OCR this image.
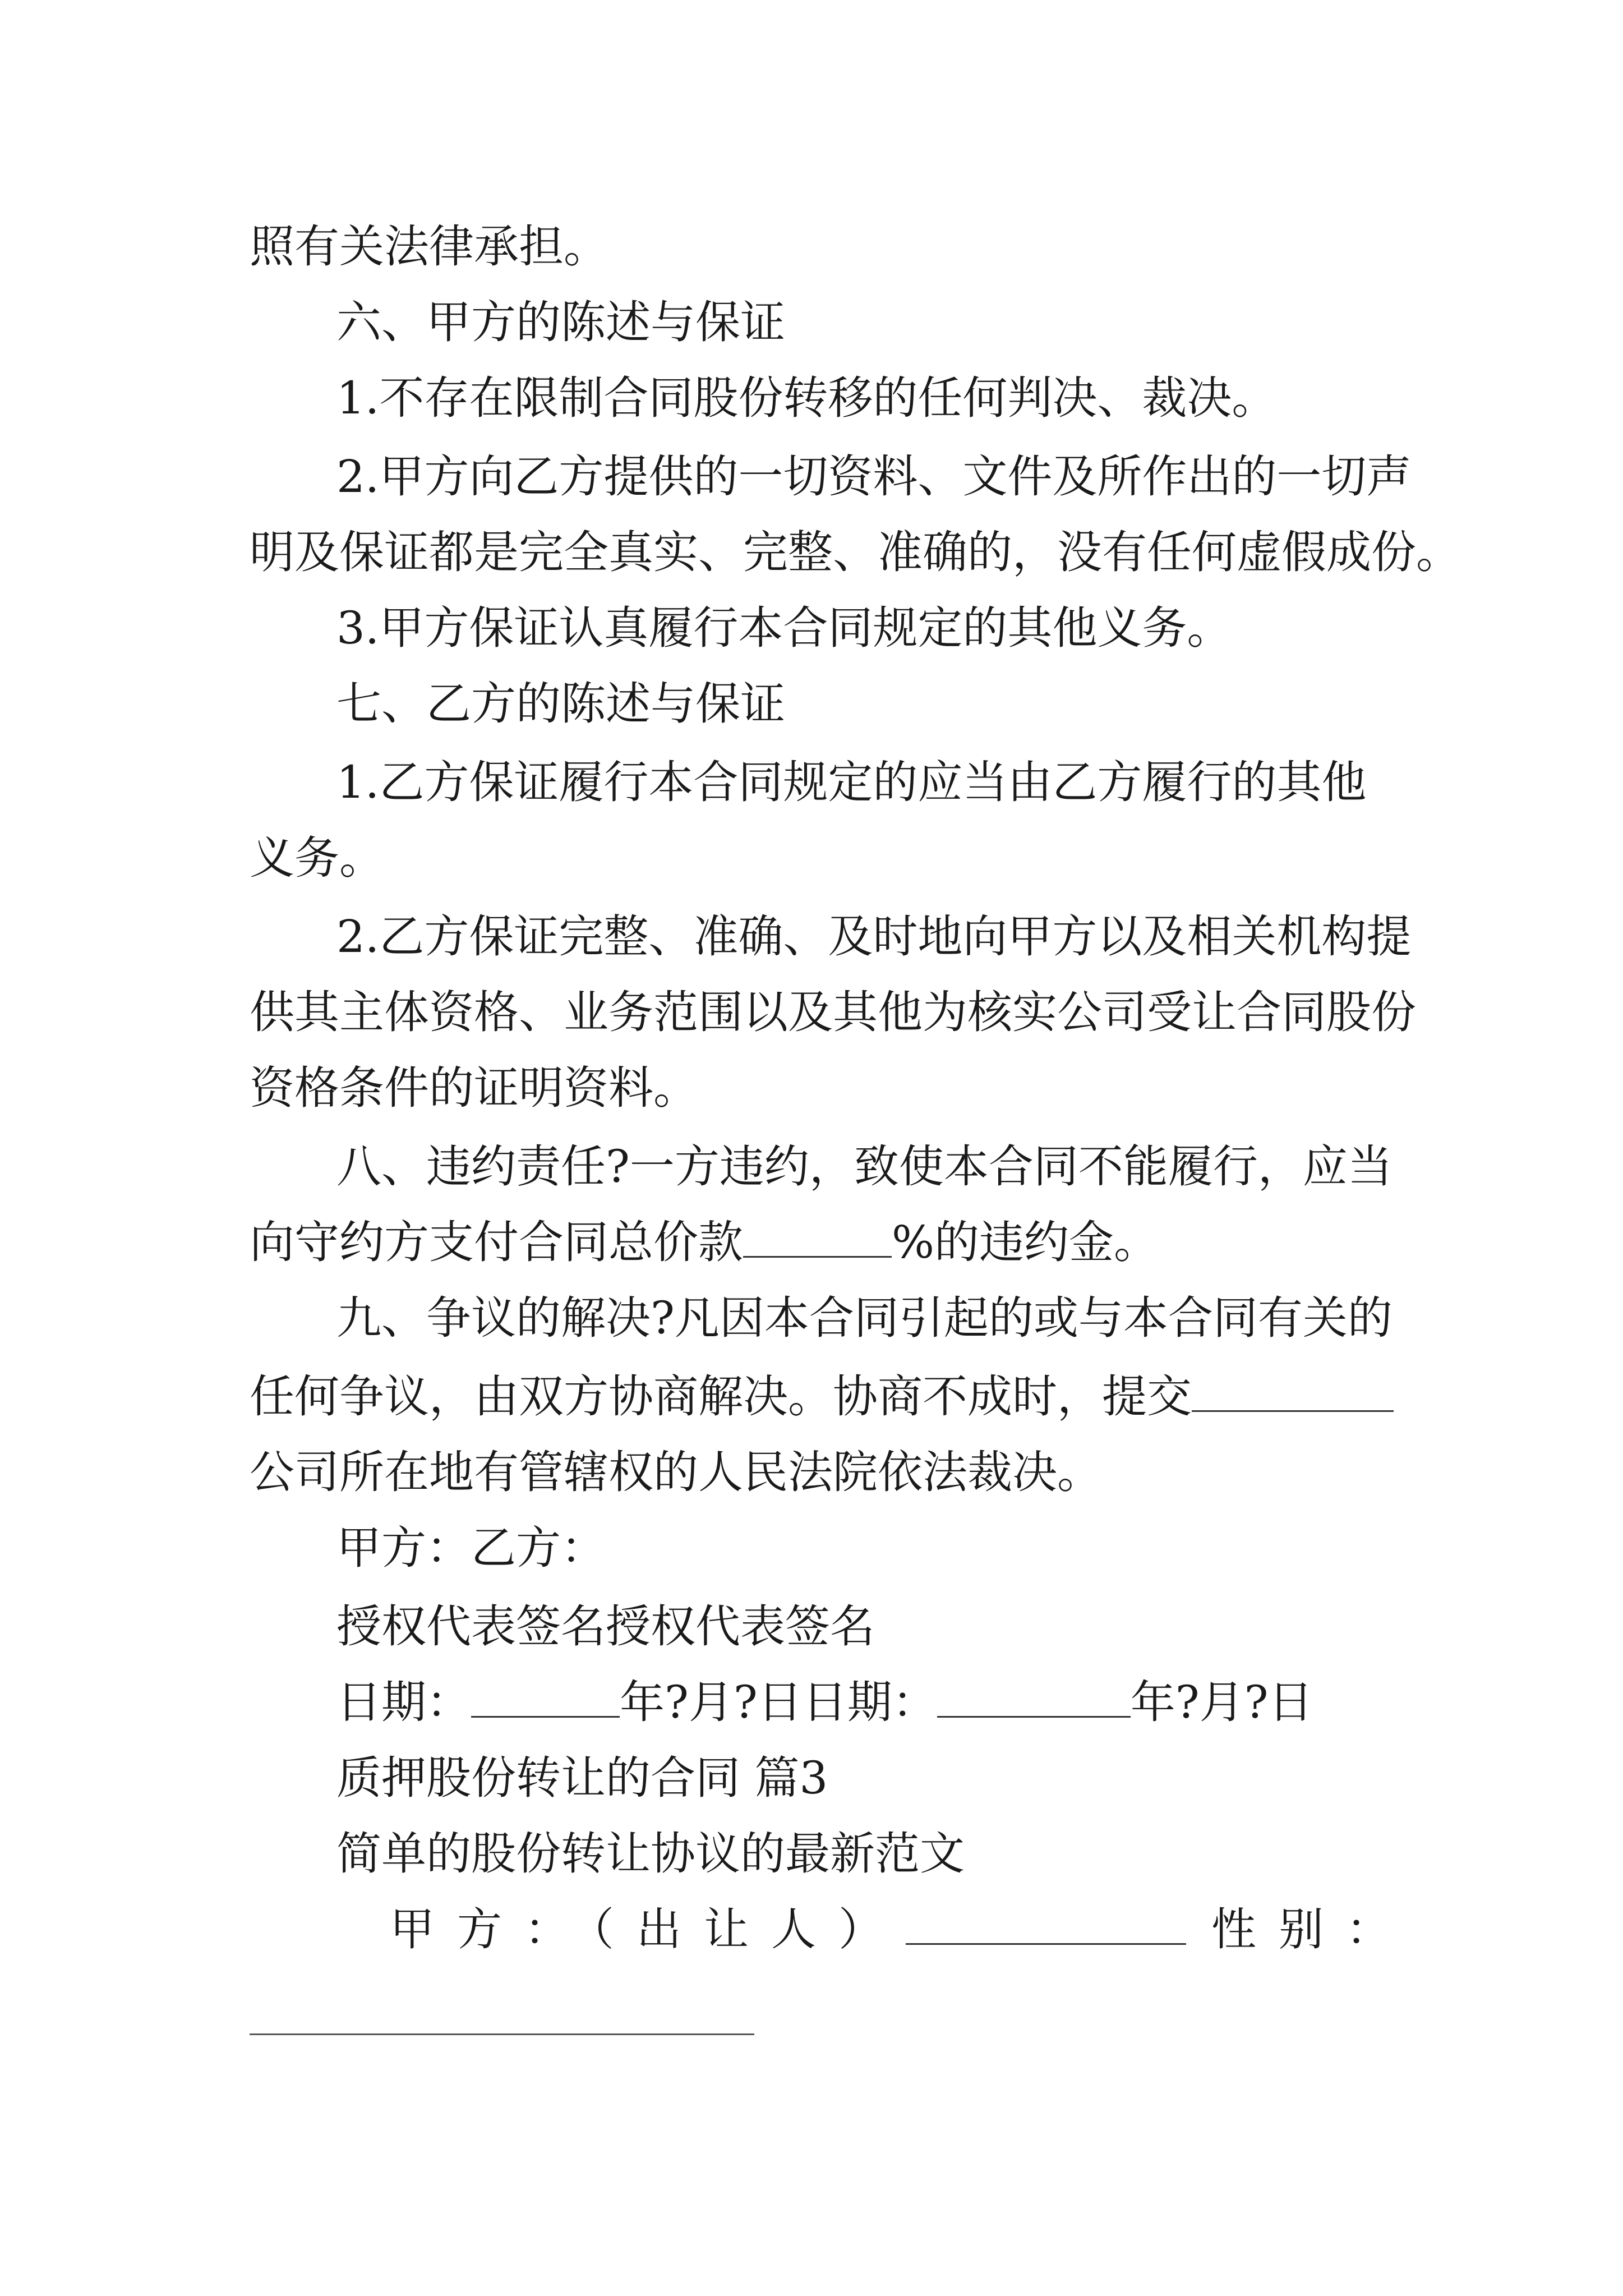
照有关法律承担。
六、甲方的陈述与保证
1.不存在限制合同股份转移的任何判决、裁决。
2.甲方向乙方提供的一切资料、文件及所作出的一切声
明及保证都是完全真实、完整、准确的，没有任何虚假成份。
3.甲方保证认真履行本合同规定的其他义务。
七、乙方的陈述与保证
1.乙方保证履行本合同规定的应当由乙方履行的其他
义务。
2.乙方保证完整、准确、及时地向甲方以及相关机构提
供其主体资格、业务范围以及其他为核实公司受让合同股份
资格条件的证明资料。
八、违约责任?一方违约，致使本合同不能履行，应当
向守约方支付合同总价款	%的违约金。
九、争议的解决?凡因本合同引起的或与本合同有关的
任何争议，由双方协商解决。协商不成时，提交
公司所在地有管辖权的人民法院依法裁决。
甲方：乙方：
授权代表签名授权代表签名
日期：	年?月?日日期：	年?月?日
质押股份转让的合同 篇3
简单的股份转让协议的最新范文
甲方：（出让人）	性别：
